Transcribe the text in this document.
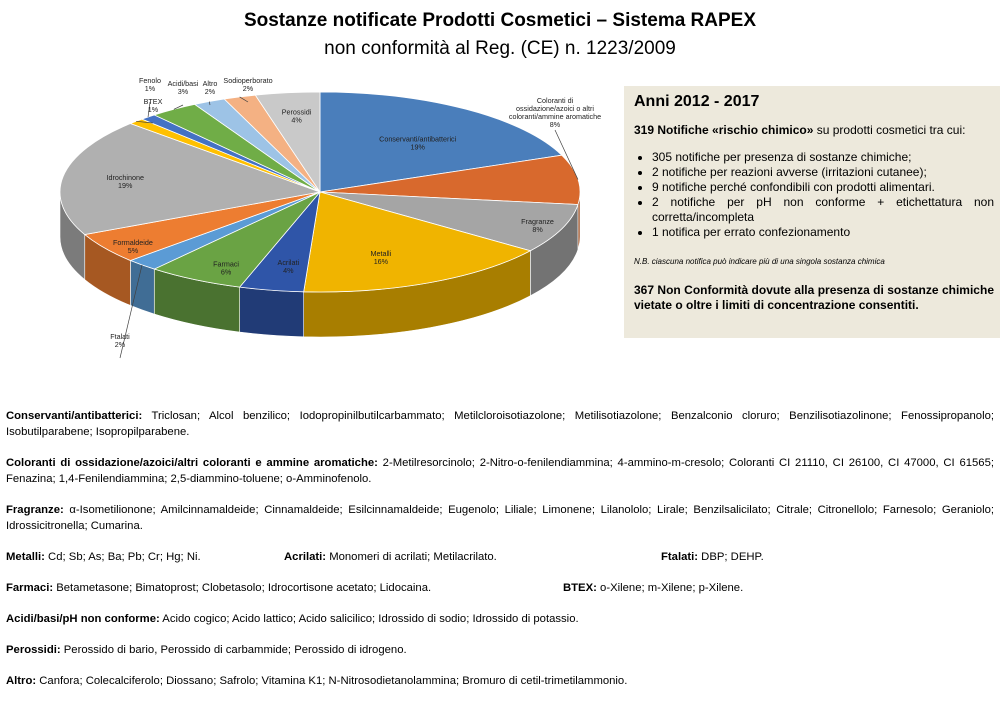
Sostanze notificate Prodotti Cosmetici – Sistema RAPEX
non conformità al Reg. (CE) n. 1223/2009
Conservanti/antibatterici
19%
Coloranti di ossidazione/azoici o altri coloranti/ammine aromatiche
8%
Fragranze
8%
Metalli
16%
Acrilati
4%
Farmaci
6%
Ftalati
2%
Formaldeide
5%
Idrochinone
19%
BTEX
1%
Fenolo
1%
Acidi/basi
3%
Altro
2%
Sodioperborato
2%
Perossidi
4%
Anni 2012 - 2017
319 Notifiche «rischio chimico» su prodotti cosmetici tra cui:
• 305 notifiche per presenza di sostanze chimiche;
• 2 notifiche per reazioni avverse (irritazioni cutanee);
• 9 notifiche perché confondibili con prodotti alimentari.
• 2 notifiche per pH non conforme + etichettatura non corretta/incompleta
• 1 notifica per errato confezionamento
N.B. ciascuna notifica può indicare più di una singola sostanza chimica
367 Non Conformità dovute alla presenza di sostanze chimiche vietate o oltre i limiti di concentrazione consentiti.

Conservanti/antibatterici: Triclosan; Alcol benzilico; Iodopropinilbutilcarbammato; Metilcloroisotiazolone; Metilisotiazolone; Benzalconio cloruro; Benzilisotiazolinone; Fenossipropanolo; Isobutilparabene; Isopropilparabene.

Coloranti di ossidazione/azoici/altri coloranti e ammine aromatiche: 2-Metilresorcinolo; 2-Nitro-o-fenilendiammina; 4-ammino-m-cresolo; Coloranti CI 21110, CI 26100, CI 47000, CI 61565; Fenazina; 1,4-Fenilendiammina; 2,5-diammino-toluene; o-Amminofenolo.

Fragranze: α-Isometilionone; Amilcinnamaldeide; Cinnamaldeide; Esilcinnamaldeide; Eugenolo; Liliale; Limonene; Lilanololo; Lirale; Benzilsalicilato; Citrale; Citronellolo; Farnesolo; Geraniolo; Idrossicitronella; Cumarina.

Metalli: Cd; Sb; As; Ba; Pb; Cr; Hg; Ni.	Acrilati: Monomeri di acrilati; Metilacrilato.	Ftalati: DBP; DEHP.
Farmaci: Betametasone; Bimatoprost; Clobetasolo; Idrocortisone acetato; Lidocaina.	BTEX: o-Xilene; m-Xilene; p-Xilene.

Acidi/basi/pH non conforme: Acido cogico; Acido lattico; Acido salicilico; Idrossido di sodio; Idrossido di potassio.

Perossidi: Perossido di bario, Perossido di carbammide; Perossido di idrogeno.

Altro: Canfora; Colecalciferolo; Diossano; Safrolo; Vitamina K1; N-Nitrosodietanolammina; Bromuro di cetil-trimetilammonio.
